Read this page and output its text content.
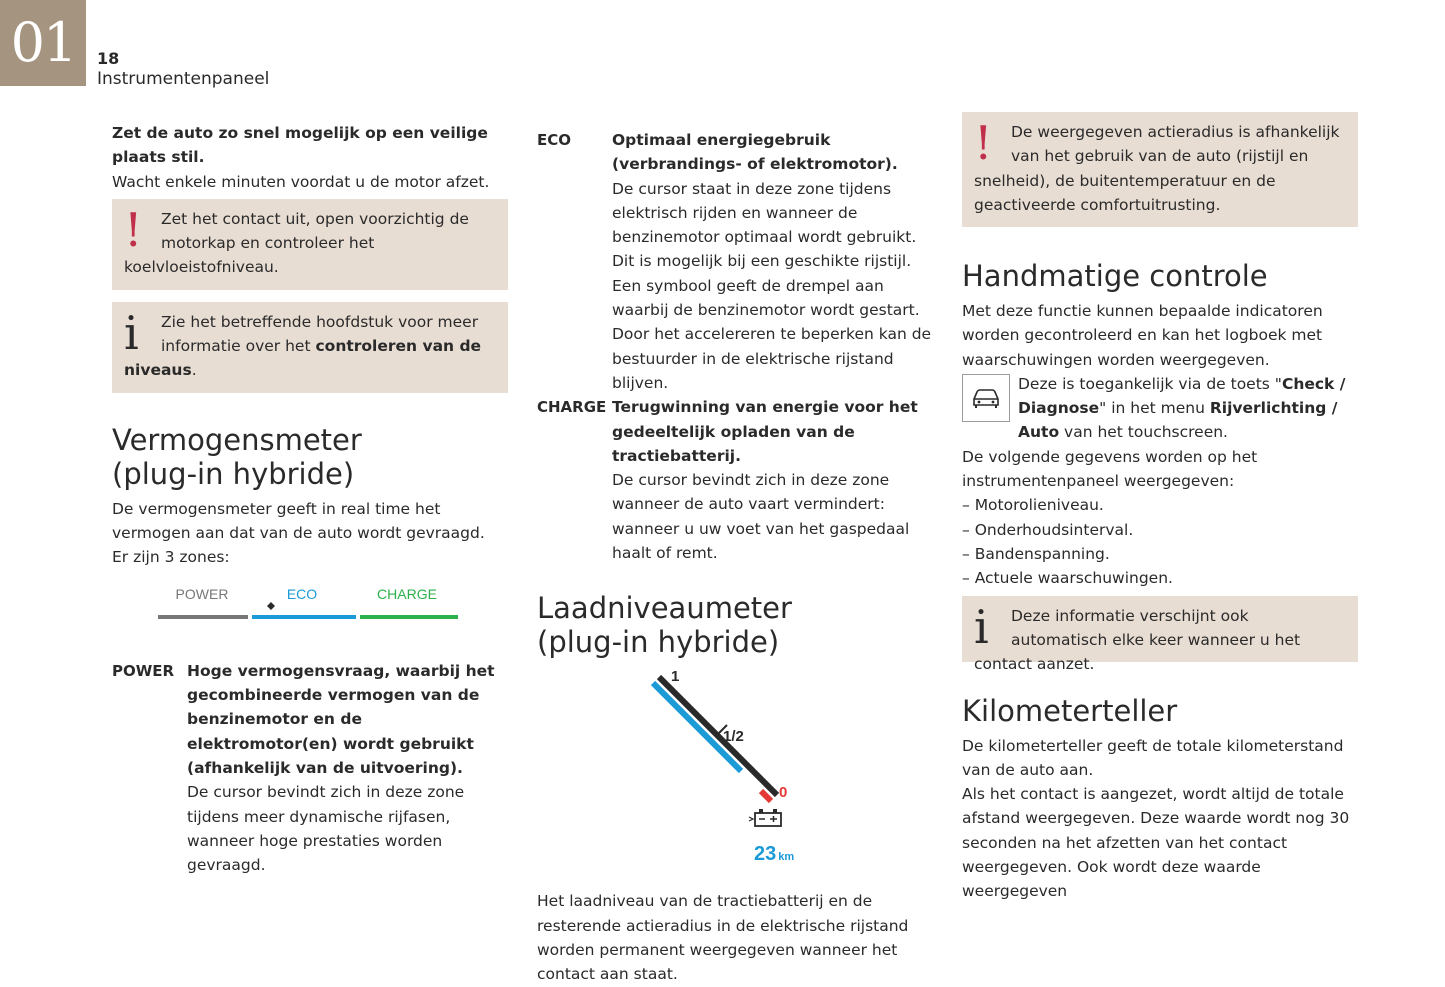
01	18
Instrumentenpaneel

Zet de auto zo snel mogelijk op een veilige plaats stil.
Wacht enkele minuten voordat u de motor afzet.

!	Zet het contact uit, open voorzichtig de motorkap en controleer het koelvloeistofniveau.
i	Zie het betreffende hoofdstuk voor meer informatie over het controleren van de niveaus.
Vermogensmeter (plug-in hybride)

De vermogensmeter geeft in real time het vermogen aan dat van de auto wordt gevraagd.

Er zijn 3 zones:

POWER	ECO	CHARGE
POWER Hoge vermogensvraag, waarbij het gecombineerde vermogen van de benzinemotor en de elektromotor(en) wordt gebruikt (afhankelijk van de uitvoering).
De cursor bevindt zich in deze zone tijdens meer dynamische rijfasen, wanneer hoge prestaties worden gevraagd.
ECO	Optimaal energiegebruik (verbrandings- of elektromotor).
De cursor staat in deze zone tijdens elektrisch rijden en wanneer de benzinemotor optimaal wordt gebruikt. Dit is mogelijk bij een geschikte rijstijl.
Een symbool geeft de drempel aan waarbij de benzinemotor wordt gestart. Door het accelereren te beperken kan de bestuurder in de elektrische rijstand blijven.
CHARGE Terugwinning van energie voor het gedeeltelijk opladen van de tractiebatterij.
De cursor bevindt zich in deze zone wanneer de auto vaart vermindert: wanneer u uw voet van het gaspedaal haalt of remt.
Laadniveaumeter (plug-in hybride)
1
1/2
0
23 km

Het laadniveau van de tractiebatterij en de resterende actieradius in de elektrische rijstand worden permanent weergegeven wanneer het contact aan staat.

!	De weergegeven actieradius is afhankelijk van het gebruik van de auto (rijstijl en snelheid), de buitentemperatuur en de geactiveerde comfortuitrusting.
Handmatige controle

Met deze functie kunnen bepaalde indicatoren worden gecontroleerd en kan het logboek met waarschuwingen worden weergegeven.

Deze is toegankelijk via de toets "Check / Diagnose" in het menu Rijverlichting / Auto van het touchscreen.

De volgende gegevens worden op het instrumentenpaneel weergegeven:

– Motorolieniveau.
– Onderhoudsinterval.
– Bandenspanning.
– Actuele waarschuwingen.
i	Deze informatie verschijnt ook automatisch elke keer wanneer u het contact aanzet.
Kilometerteller

De kilometerteller geeft de totale kilometerstand van de auto aan.

Als het contact is aangezet, wordt altijd de totale afstand weergegeven. Deze waarde wordt nog 30 seconden na het afzetten van het contact weergegeven. Ook wordt deze waarde weergegeven
